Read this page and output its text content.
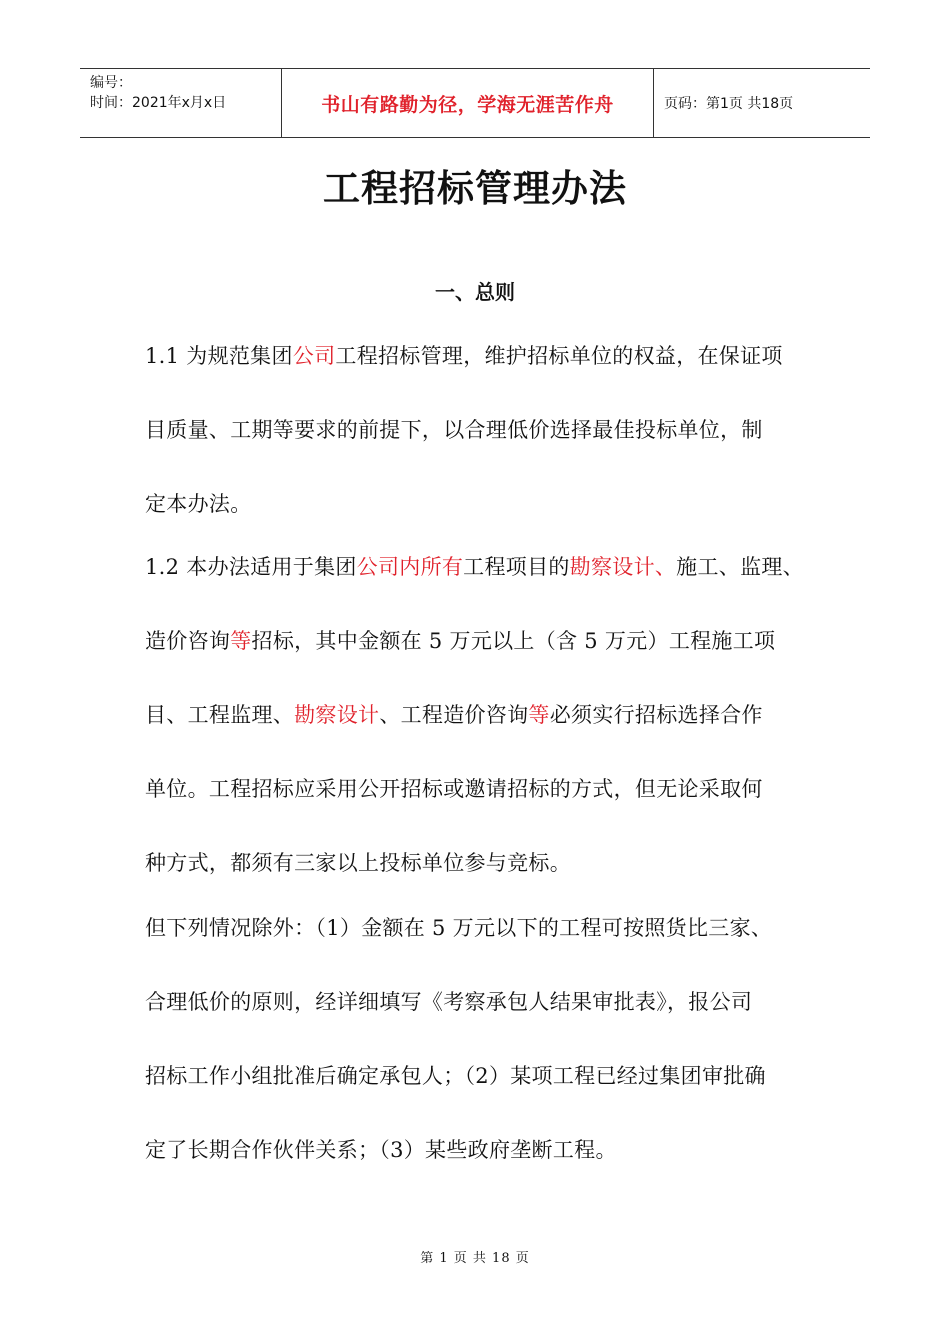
编号：
时间：2021年x月x日	书山有路勤为径，学海无涯苦作舟	页码：第1页 共18页
工程招标管理办法
一、总则
1.1 为规范集团公司工程招标管理，维护招标单位的权益，在保证项
目质量、工期等要求的前提下，以合理低价选择最佳投标单位，制
定本办法。
1.2 本办法适用于集团公司内所有工程项目的勘察设计、施工、监理、
造价咨询等招标，其中金额在 5 万元以上（含 5 万元）工程施工项
目、工程监理、勘察设计、工程造价咨询等必须实行招标选择合作
单位。工程招标应采用公开招标或邀请招标的方式，但无论采取何
种方式，都须有三家以上投标单位参与竞标。
但下列情况除外：（1）金额在 5 万元以下的工程可按照货比三家、
合理低价的原则，经详细填写《考察承包人结果审批表》，报公司
招标工作小组批准后确定承包人；（2）某项工程已经过集团审批确
定了长期合作伙伴关系；（3）某些政府垄断工程。
第 1 页 共 18 页
